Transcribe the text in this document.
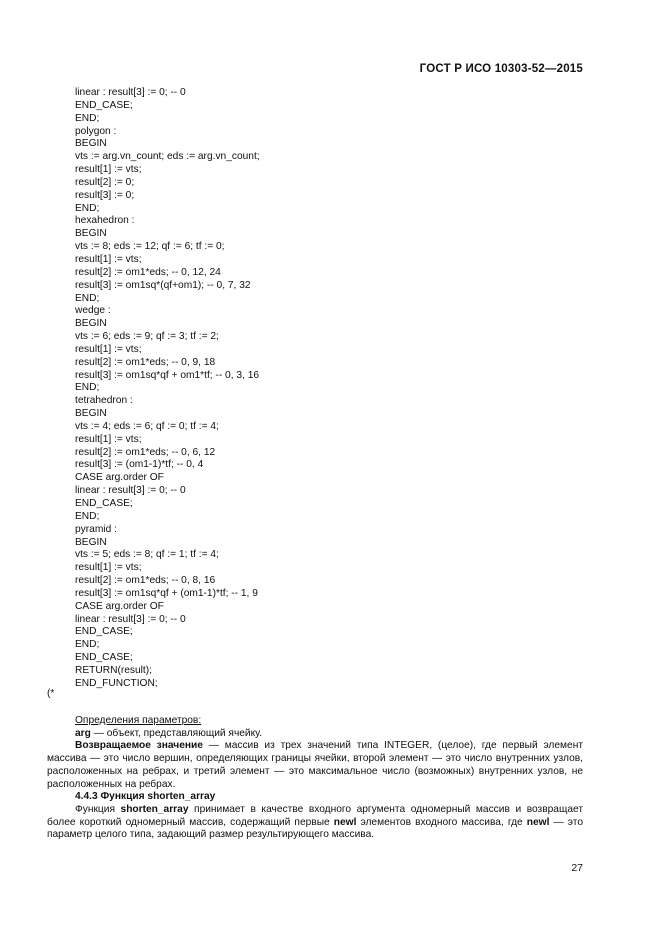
ГОСТ Р ИСО 10303-52—2015
linear : result[3] := 0; -- 0
END_CASE;
END;
polygon :
BEGIN
vts := arg.vn_count; eds := arg.vn_count;
result[1] := vts;
result[2] := 0;
result[3] := 0;
END;
hexahedron :
BEGIN
vts := 8; eds := 12; qf := 6; tf := 0;
result[1] := vts;
result[2] := om1*eds; -- 0, 12, 24
result[3] := om1sq*(qf+om1); -- 0, 7, 32
END;
wedge :
BEGIN
vts := 6; eds := 9; qf := 3; tf := 2;
result[1] := vts;
result[2] := om1*eds; -- 0, 9, 18
result[3] := om1sq*qf + om1*tf; -- 0, 3, 16
END;
tetrahedron :
BEGIN
vts := 4; eds := 6; qf := 0; tf := 4;
result[1] := vts;
result[2] := om1*eds; -- 0, 6, 12
result[3] := (om1-1)*tf; -- 0, 4
CASE arg.order OF
linear : result[3] := 0; -- 0
END_CASE;
END;
pyramid :
BEGIN
vts := 5; eds := 8; qf := 1; tf := 4;
result[1] := vts;
result[2] := om1*eds; -- 0, 8, 16
result[3] := om1sq*qf + (om1-1)*tf; -- 1, 9
CASE arg.order OF
linear : result[3] := 0; -- 0
END_CASE;
END;
END_CASE;
RETURN(result);
END_FUNCTION;
(*

Определения параметров:

arg — объект, представляющий ячейку.

Возвращаемое значение — массив из трех значений типа INTEGER, (целое), где первый элемент массива — это число вершин, определяющих границы ячейки, второй элемент — это число внутренних узлов, расположенных на ребрах, и третий элемент — это максимальное число (возможных) внутренних узлов, не расположенных на ребрах.

4.4.3 Функция shorten_array

Функция shorten_array принимает в качестве входного аргумента одномерный массив и возвращает более короткий одномерный массив, содержащий первые newl элементов входного массива, где newl — это параметр целого типа, задающий размер результирующего массива.

27
